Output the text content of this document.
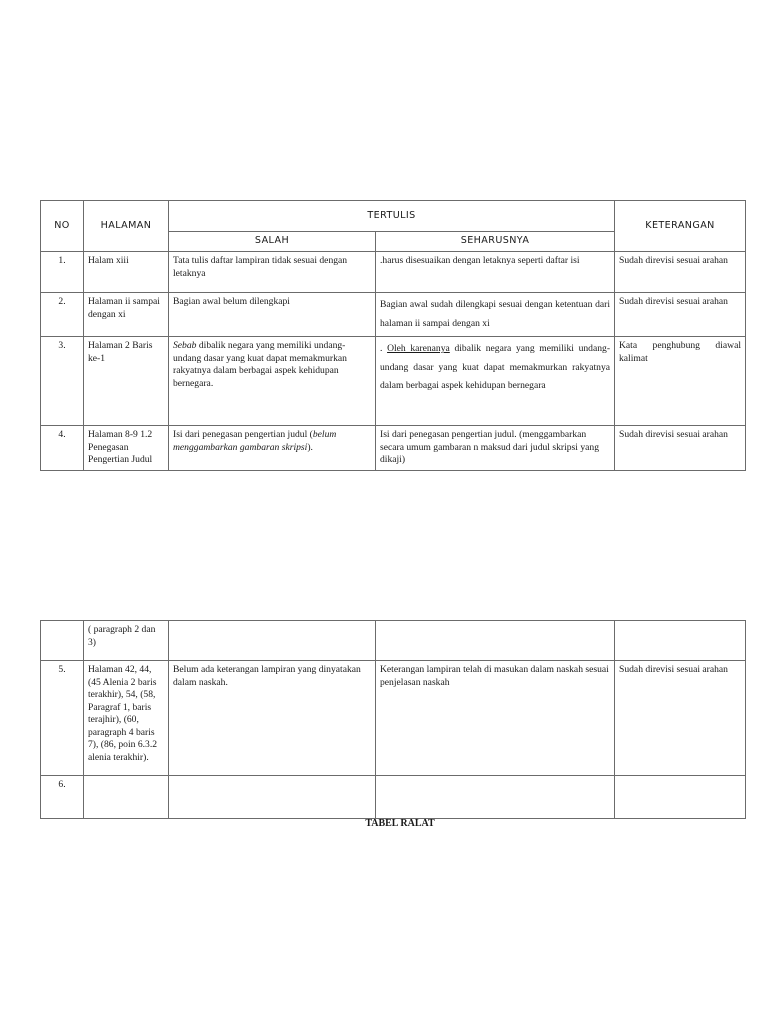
NO	HALAMAN	TERTULIS		KETERANGAN
		SALAH	SEHARUSNYA	
1.	Halam xiii	Tata tulis daftar lampiran tidak sesuai dengan letaknya	.harus disesuaikan dengan letaknya seperti daftar isi	Sudah direvisi sesuai arahan
2.	Halaman ii sampai dengan xi	Bagian awal belum dilengkapi	Bagian awal sudah dilengkapi sesuai dengan ketentuan dari halaman ii sampai dengan xi	Sudah direvisi sesuai arahan
3.	Halaman 2 Baris ke-1	Sebab dibalik negara yang memiliki undang-undang dasar yang kuat dapat memakmurkan rakyatnya dalam berbagai aspek kehidupan bernegara.	. Oleh karenanya dibalik negara yang memiliki undang-undang dasar yang kuat dapat memakmurkan rakyatnya dalam berbagai aspek kehidupan bernegara	Kata penghubung diawal kalimat
4.	Halaman 8-9 1.2 Penegasan Pengertian Judul	Isi dari penegasan pengertian judul (belum menggambarkan gambaran skripsi).	Isi dari penegasan pengertian judul. (menggambarkan secara umum gambaran n maksud dari judul skripsi yang dikaji)	Sudah direvisi sesuai arahan
	( paragraph 2 dan 3)			
5.	Halaman 42, 44, (45 Alenia 2 baris terakhir), 54, (58, Paragraf 1, baris terajhir), (60, paragraph 4 baris 7), (86, poin 6.3.2 alenia terakhir).	Belum ada keterangan lampiran yang dinyatakan dalam naskah.	Keterangan lampiran telah di masukan dalam naskah sesuai penjelasan naskah	Sudah direvisi sesuai arahan
6.				
TABEL RALAT
